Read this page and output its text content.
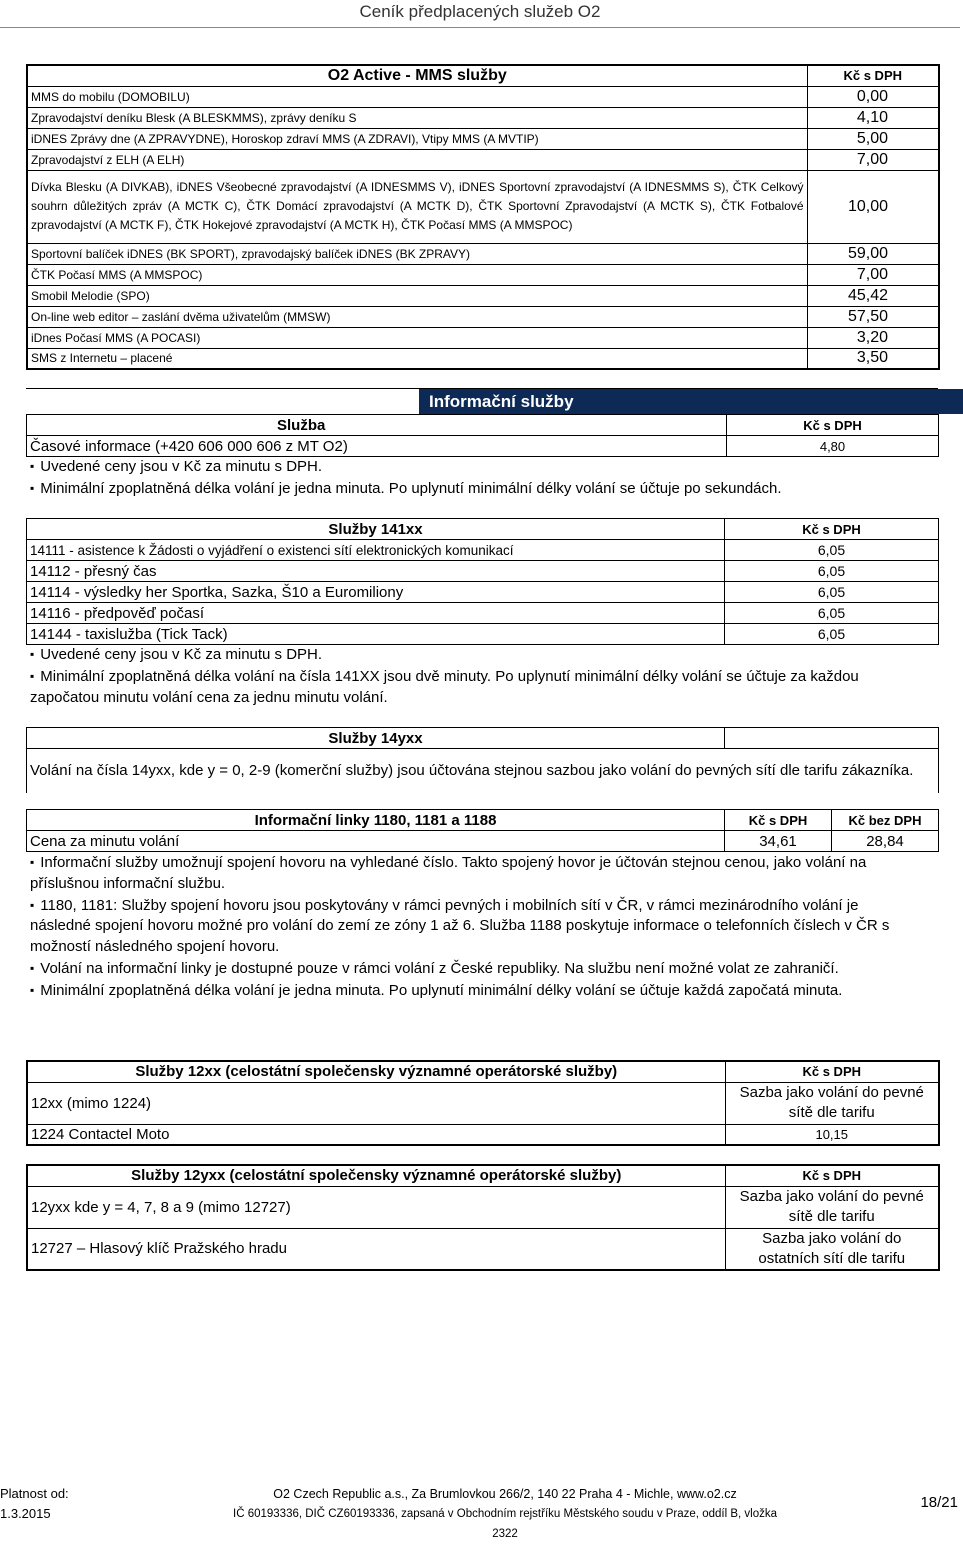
Ceník předplacených služeb O2
O2 Active - MMS služby	Kč s DPH
MMS do mobilu (DOMOBILU)	0,00
Zpravodajství deníku Blesk (A BLESKMMS), zprávy deníku S	4,10
iDNES Zprávy dne (A ZPRAVYDNE), Horoskop zdraví MMS (A ZDRAVI), Vtipy MMS (A MVTIP)	5,00
Zpravodajství z ELH (A ELH)	7,00
Dívka Blesku (A DIVKAB), iDNES Všeobecné zpravodajství (A IDNESMMS V), iDNES Sportovní zpravodajství (A IDNESMMS S), ČTK Celkový souhrn důležitých zpráv (A MCTK C), ČTK Domácí zpravodajství (A MCTK D), ČTK Sportovní Zpravodajství (A MCTK S), ČTK Fotbalové zpravodajství (A MCTK F), ČTK Hokejové zpravodajství (A MCTK H), ČTK Počasí MMS (A MMSPOC)	10,00
Sportovní balíček iDNES (BK SPORT), zpravodajský balíček iDNES (BK ZPRAVY)	59,00
ČTK Počasí MMS (A MMSPOC)	7,00
Smobil Melodie (SPO)	45,42
On-line web editor – zaslání dvěma uživatelům (MMSW)	57,50
iDnes Počasí MMS (A POCASI)	3,20
SMS z Internetu – placené	3,50
Informační služby
Služba	Kč s DPH
Časové informace (+420 606 000 606 z MT O2)	4,80
▪ Uvedené ceny jsou v Kč za minutu s DPH.
▪ Minimální zpoplatněná délka volání je jedna minuta. Po uplynutí minimální délky volání se účtuje po sekundách.
Služby 141xx	Kč s DPH
14111 - asistence k Žádosti o vyjádření o existenci sítí elektronických komunikací	6,05
14112 - přesný čas	6,05
14114 - výsledky her Sportka, Sazka, Š10 a Euromiliony	6,05
14116 - předpověď počasí	6,05
14144 - taxislužba (Tick Tack)	6,05
▪ Uvedené ceny jsou v Kč za minutu s DPH.
▪ Minimální zpoplatněná délka volání na čísla 141XX jsou dvě minuty. Po uplynutí minimální délky volání se účtuje za každou započatou minutu volání cena za jednu minutu volání.
Služby 14yxx	
Volání na čísla 14yxx, kde y = 0, 2-9 (komerční služby) jsou účtována stejnou sazbou jako volání do pevných sítí dle tarifu zákazníka.
Informační linky 1180, 1181 a 1188	Kč s DPH	Kč bez DPH
Cena za minutu volání	34,61	28,84
▪ Informační služby umožnují spojení hovoru na vyhledané číslo. Takto spojený hovor je účtován stejnou cenou, jako volání na příslušnou informační službu.
▪ 1180, 1181: Služby spojení hovoru jsou poskytovány v rámci pevných i mobilních sítí v ČR, v rámci mezinárodního volání je následné spojení hovoru možné pro volání do zemí ze zóny 1 až 6. Služba 1188 poskytuje informace o telefonních číslech v ČR s možností následného spojení hovoru.
▪ Volání na informační linky je dostupné pouze v rámci volání z České republiky. Na službu není možné volat ze zahraničí.
▪ Minimální zpoplatněná délka volání je jedna minuta. Po uplynutí minimální délky volání se účtuje každá započatá minuta.
Služby 12xx (celostátní společensky významné operátorské služby)	Kč s DPH
12xx (mimo 1224)	Sazba jako volání do pevné sítě dle tarifu
1224 Contactel Moto	10,15
Služby 12yxx (celostátní společensky významné operátorské služby)	Kč s DPH
12yxx kde y = 4, 7, 8 a 9 (mimo 12727)	Sazba jako volání do pevné sítě dle tarifu
12727 – Hlasový klíč Pražského hradu	Sazba jako volání do ostatních sítí dle tarifu
Platnost od:
1.3.2015
O2 Czech Republic a.s., Za Brumlovkou 266/2, 140 22 Praha 4 - Michle, www.o2.cz
IČ 60193336, DIČ CZ60193336, zapsaná v Obchodním rejstříku Městského soudu v Praze, oddíl B, vložka 2322
18/21
